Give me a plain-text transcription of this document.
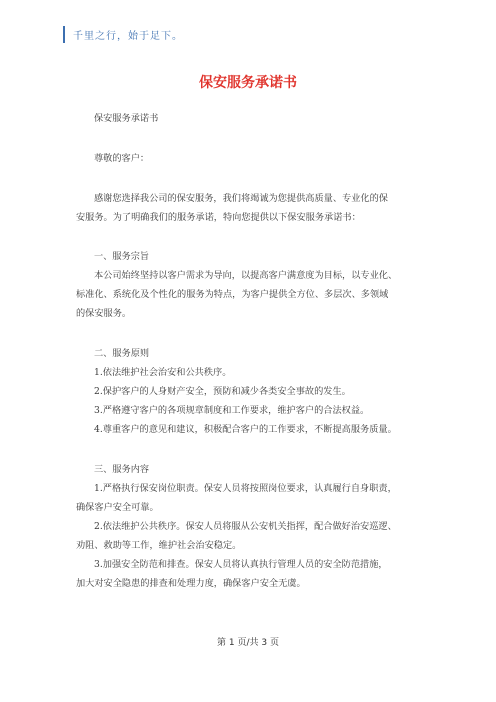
千里之行，始于足下。
保安服务承诺书
保安服务承诺书
尊敬的客户：
感谢您选择我公司的保安服务，我们将竭诚为您提供高质量、专业化的保
安服务。为了明确我们的服务承诺，特向您提供以下保安服务承诺书：
一、服务宗旨
本公司始终坚持以客户需求为导向，以提高客户满意度为目标，以专业化、
标准化、系统化及个性化的服务为特点，为客户提供全方位、多层次、多领域
的保安服务。
二、服务原则
1.依法维护社会治安和公共秩序。
2.保护客户的人身财产安全，预防和减少各类安全事故的发生。
3.严格遵守客户的各项规章制度和工作要求，维护客户的合法权益。
4.尊重客户的意见和建议，积极配合客户的工作要求，不断提高服务质量。
三、服务内容
1.严格执行保安岗位职责。保安人员将按照岗位要求，认真履行自身职责，
确保客户安全可靠。
2.依法维护公共秩序。保安人员将服从公安机关指挥，配合做好治安巡逻、
劝阻、救助等工作，维护社会治安稳定。
3.加强安全防范和排查。保安人员将认真执行管理人员的安全防范措施，
加大对安全隐患的排查和处理力度，确保客户安全无虞。
第 1 页/共 3 页
